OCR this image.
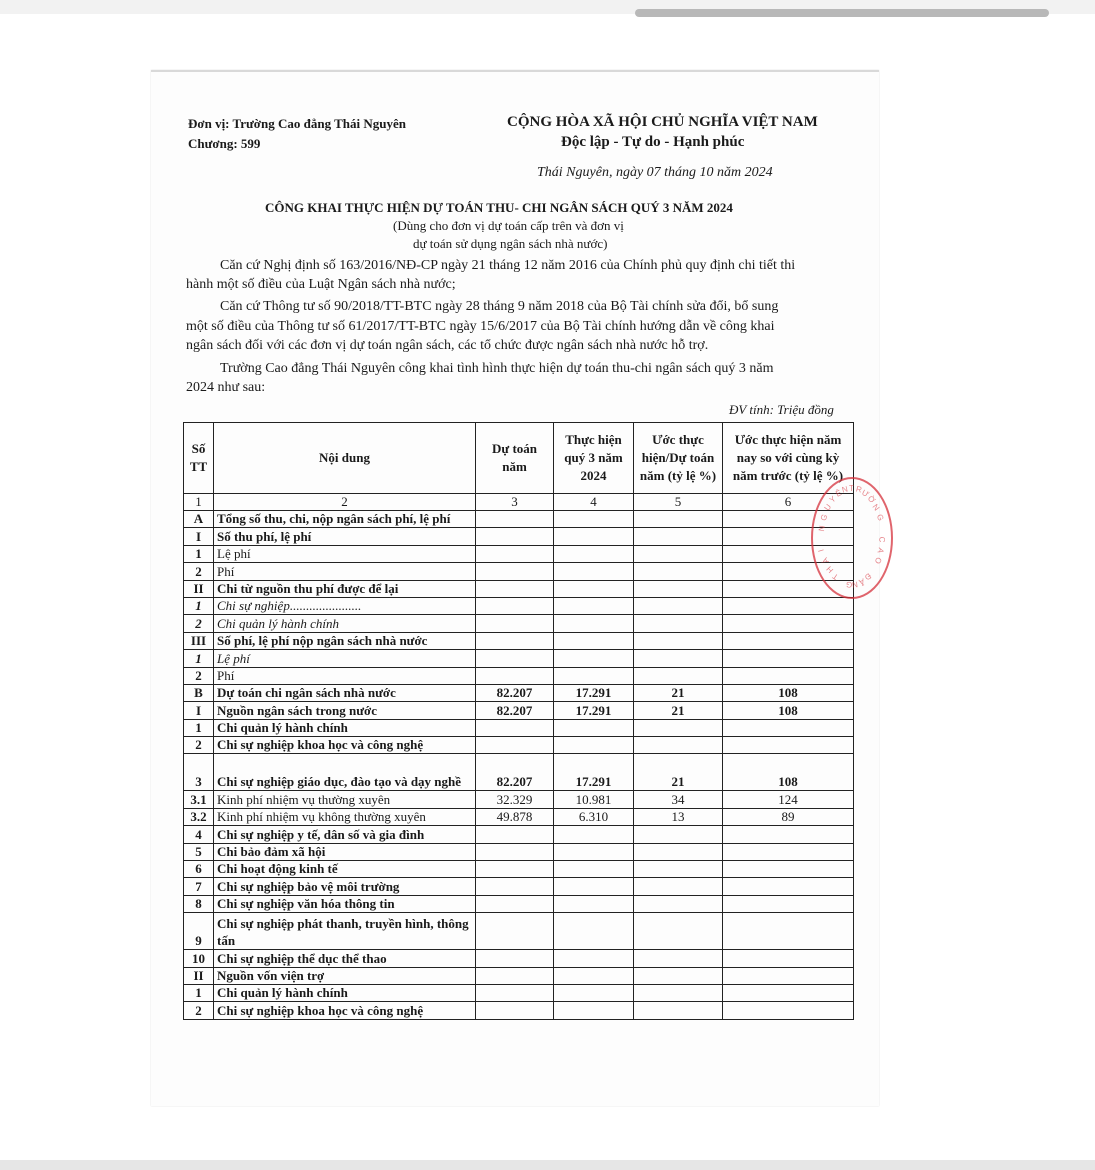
Đơn vị: Trường Cao đẳng Thái Nguyên
Chương: 599
CỘNG HÒA XÃ HỘI CHỦ NGHĨA VIỆT NAM
Độc lập - Tự do - Hạnh phúc
Thái Nguyên, ngày 07 tháng 10 năm 2024
CÔNG KHAI THỰC HIỆN DỰ TOÁN THU- CHI NGÂN SÁCH QUÝ 3 NĂM 2024
(Dùng cho đơn vị dự toán cấp trên và đơn vị
dự toán sử dụng ngân sách nhà nước)
Căn cứ Nghị định số 163/2016/NĐ-CP ngày 21 tháng 12 năm 2016 của Chính phủ quy định chi tiết thi
hành một số điều của Luật Ngân sách nhà nước;
Căn cứ Thông tư số 90/2018/TT-BTC ngày 28 tháng 9 năm 2018 của Bộ Tài chính sửa đổi, bổ sung
một số điều của Thông tư số 61/2017/TT-BTC ngày 15/6/2017 của Bộ Tài chính hướng dẫn về công khai
ngân sách đối với các đơn vị dự toán ngân sách, các tổ chức được ngân sách nhà nước hỗ trợ.
Trường Cao đẳng Thái Nguyên công khai tình hình thực hiện dự toán thu-chi ngân sách quý 3 năm
2024 như sau:
ĐV tính: Triệu đồng
Số TT	Nội dung	Dự toán năm	Thực hiện quý 3 năm 2024	Ước thực hiện/Dự toán năm (tỷ lệ %)	Ước thực hiện năm nay so với cùng kỳ năm trước (tỷ lệ %)
1	2	3	4	5	6
A	Tổng số thu, chi, nộp ngân sách phí, lệ phí				
I	Số thu phí, lệ phí				
1	Lệ phí				
2	Phí				
II	Chi từ nguồn thu phí được để lại				
1	Chi sự nghiệp......................				
2	Chi quản lý hành chính				
III	Số phí, lệ phí nộp ngân sách nhà nước				
1	Lệ phí				
2	Phí				
B	Dự toán chi ngân sách nhà nước	82.207	17.291	21	108
I	Nguồn ngân sách trong nước	82.207	17.291	21	108
1	Chi quản lý hành chính				
2	Chi sự nghiệp khoa học và công nghệ				
3	Chi sự nghiệp giáo dục, đào tạo và dạy nghề	82.207	17.291	21	108
3.1	Kinh phí nhiệm vụ thường xuyên	32.329	10.981	34	124
3.2	Kinh phí nhiệm vụ không thường xuyên	49.878	6.310	13	89
4	Chi sự nghiệp y tế, dân số và gia đình				
5	Chi bảo đảm xã hội				
6	Chi hoạt động kinh tế				
7	Chi sự nghiệp bảo vệ môi trường				
8	Chi sự nghiệp văn hóa thông tin				
9	Chi sự nghiệp phát thanh, truyền hình, thông tấn				
10	Chi sự nghiệp thể dục thể thao				
II	Nguồn vốn viện trợ				
1	Chi quản lý hành chính				
2	Chi sự nghiệp khoa học và công nghệ				
T R
Ư
Ờ
N
G
C
A
O
Đ
Ẳ
N
G
T
H
Á
I
N
G
U
Y
Ê
N
